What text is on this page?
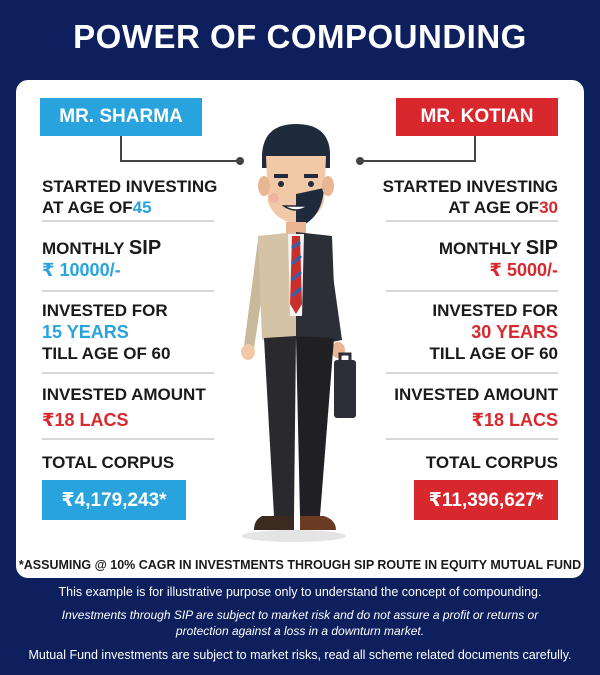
POWER OF COMPOUNDING
MR. SHARMA	MR. KOTIAN
STARTED INVESTING
AT AGE OF45
MONTHLY SIP
₹ 10000/-
INVESTED FOR
15 YEARS
TILL AGE OF 60
INVESTED AMOUNT
₹18 LACS
TOTAL CORPUS
₹4,179,243*
STARTED INVESTING
AT AGE OF30
MONTHLY SIP
₹ 5000/-
INVESTED FOR
30 YEARS
TILL AGE OF 60
INVESTED AMOUNT
₹18 LACS
TOTAL CORPUS
₹11,396,627*
*ASSUMING @ 10% CAGR IN INVESTMENTS THROUGH SIP ROUTE IN EQUITY MUTUAL FUND
This example is for illustrative purpose only to understand the concept of compounding.
Investments through SIP are subject to market risk and do not assure a profit or returns or protection against a loss in a downturn market.
Mutual Fund investments are subject to market risks, read all scheme related documents carefully.
